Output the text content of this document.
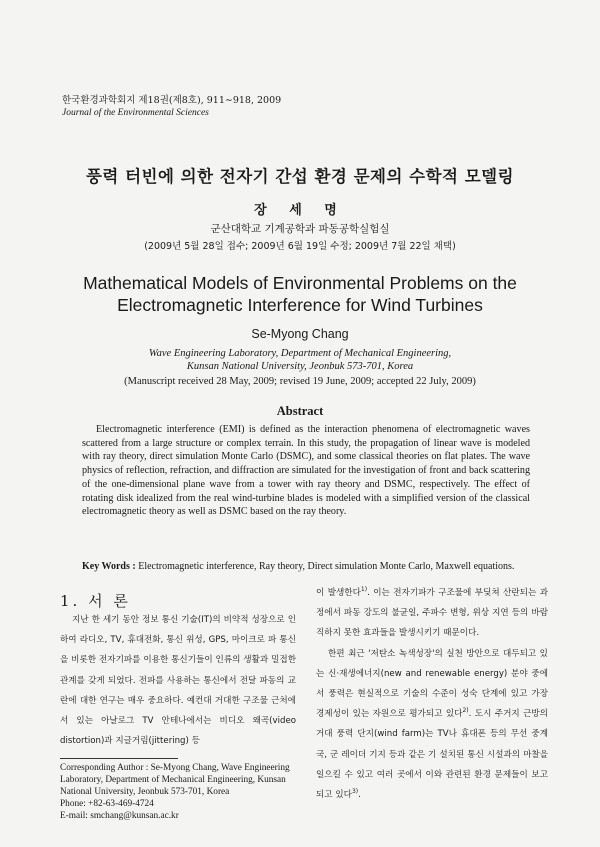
한국환경과학회지 제18권(제8호), 911∼918, 2009
Journal of the Environmental Sciences
풍력 터빈에 의한 전자기 간섭 환경 문제의 수학적 모델링
장 세 명
군산대학교 기계공학과 파동공학실험실
(2009년 5월 28일 접수; 2009년 6월 19일 수정; 2009년 7월 22일 채택)
Mathematical Models of Environmental Problems on the
Electromagnetic Interference for Wind Turbines
Se-Myong Chang
Wave Engineering Laboratory, Department of Mechanical Engineering,
Kunsan National University, Jeonbuk 573-701, Korea
(Manuscript received 28 May, 2009; revised 19 June, 2009; accepted 22 July, 2009)
Abstract

Electromagnetic interference (EMI) is defined as the interaction phenomena of electromagnetic waves scattered from a large structure or complex terrain. In this study, the propagation of linear wave is modeled with ray theory, direct simulation Monte Carlo (DSMC), and some classical theories on flat plates. The wave physics of reflection, refraction, and diffraction are simulated for the investigation of front and back scattering of the one-dimensional plane wave from a tower with ray theory and DSMC, respectively. The effect of rotating disk idealized from the real wind-turbine blades is modeled with a simplified version of the classical electromagnetic theory as well as DSMC based on the ray theory.

Key Words : Electromagnetic interference, Ray theory, Direct simulation Monte Carlo, Maxwell equations.
1. 서 론

지난 한 세기 동안 정보 통신 기술(IT)의 비약적 성장으로 인하여 라디오, TV, 휴대전화, 통신 위성, GPS, 마이크로 파 통신을 비롯한 전자기파를 이용한 통신기들이 인류의 생활과 밀접한 관계를 갖게 되었다. 전파를 사용하는 통신에서 전달 파동의 교란에 대한 연구는 매우 중요하다. 예컨대 거대한 구조물 근처에 서 있는 아날로그 TV 안테나에서는 비디오 왜곡(video distortion)과 지글거림(jittering) 등

이 발생한다$^{1)}$. 이는 전자기파가 구조물에 부딪쳐 산란되는 과정에서 파동 강도의 불균일, 주파수 변형, 위상 지연 등의 바람직하지 못한 효과들을 발생시키기 때문이다.

한편 최근 '저탄소 녹색성장'의 실천 방안으로 대두되고 있는 신·재생에너지(new and renewable energy) 분야 중에서 풍력은 현실적으로 기술의 수준이 성숙 단계에 있고 가장 경제성이 있는 자원으로 평가되고 있다$^{2)}$. 도시 주거지 근방의 거대 풍력 단지(wind farm)는 TV나 휴대폰 등의 무선 중계국, 군 레이더 기지 등과 같은 기 설치된 통신 시설과의 마찰을 일으킬 수 있고 여러 곳에서 이와 관련된 환경 문제들이 보고되고 있다$^{3)}$.

Corresponding Author : Se-Myong Chang, Wave Engineering
Laboratory, Department of Mechanical Engineering, Kunsan
National University, Jeonbuk 573-701, Korea
Phone: +82-63-469-4724
E-mail: smchang@kunsan.ac.kr
